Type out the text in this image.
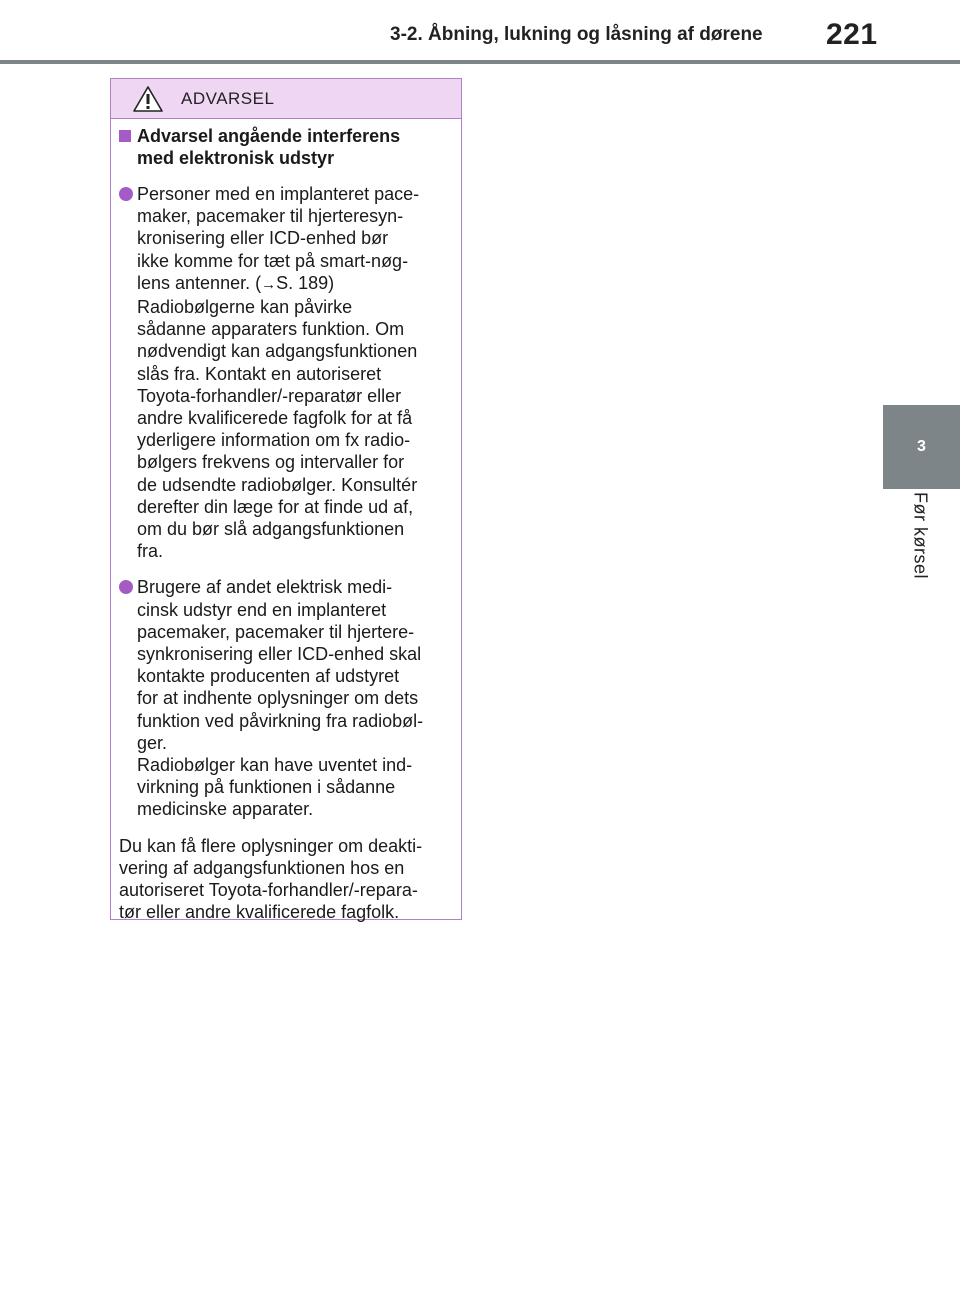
3-2. Åbning, lukning og låsning af dørene 221
3
Før kørsel
ADVARSEL
Advarsel angående interferens
med elektronisk udstyr

Personer med en implanteret pace-
maker, pacemaker til hjerteresyn-
kronisering eller ICD-enhed bør
ikke komme for tæt på smart-nøg-
lens antenner. (→S. 189)

Radiobølgerne kan påvirke
sådanne apparaters funktion. Om
nødvendigt kan adgangsfunktionen
slås fra. Kontakt en autoriseret
Toyota-forhandler/-reparatør eller
andre kvalificerede fagfolk for at få
yderligere information om fx radio-
bølgers frekvens og intervaller for
de udsendte radiobølger. Konsultér
derefter din læge for at finde ud af,
om du bør slå adgangsfunktionen
fra.

Brugere af andet elektrisk medi-
cinsk udstyr end en implanteret
pacemaker, pacemaker til hjertere-
synkronisering eller ICD-enhed skal
kontakte producenten af udstyret
for at indhente oplysninger om dets
funktion ved påvirkning fra radiobøl-
ger.

Radiobølger kan have uventet ind-
virkning på funktionen i sådanne
medicinske apparater.

Du kan få flere oplysninger om deakti-
vering af adgangsfunktionen hos en
autoriseret Toyota-forhandler/-repara-
tør eller andre kvalificerede fagfolk.
